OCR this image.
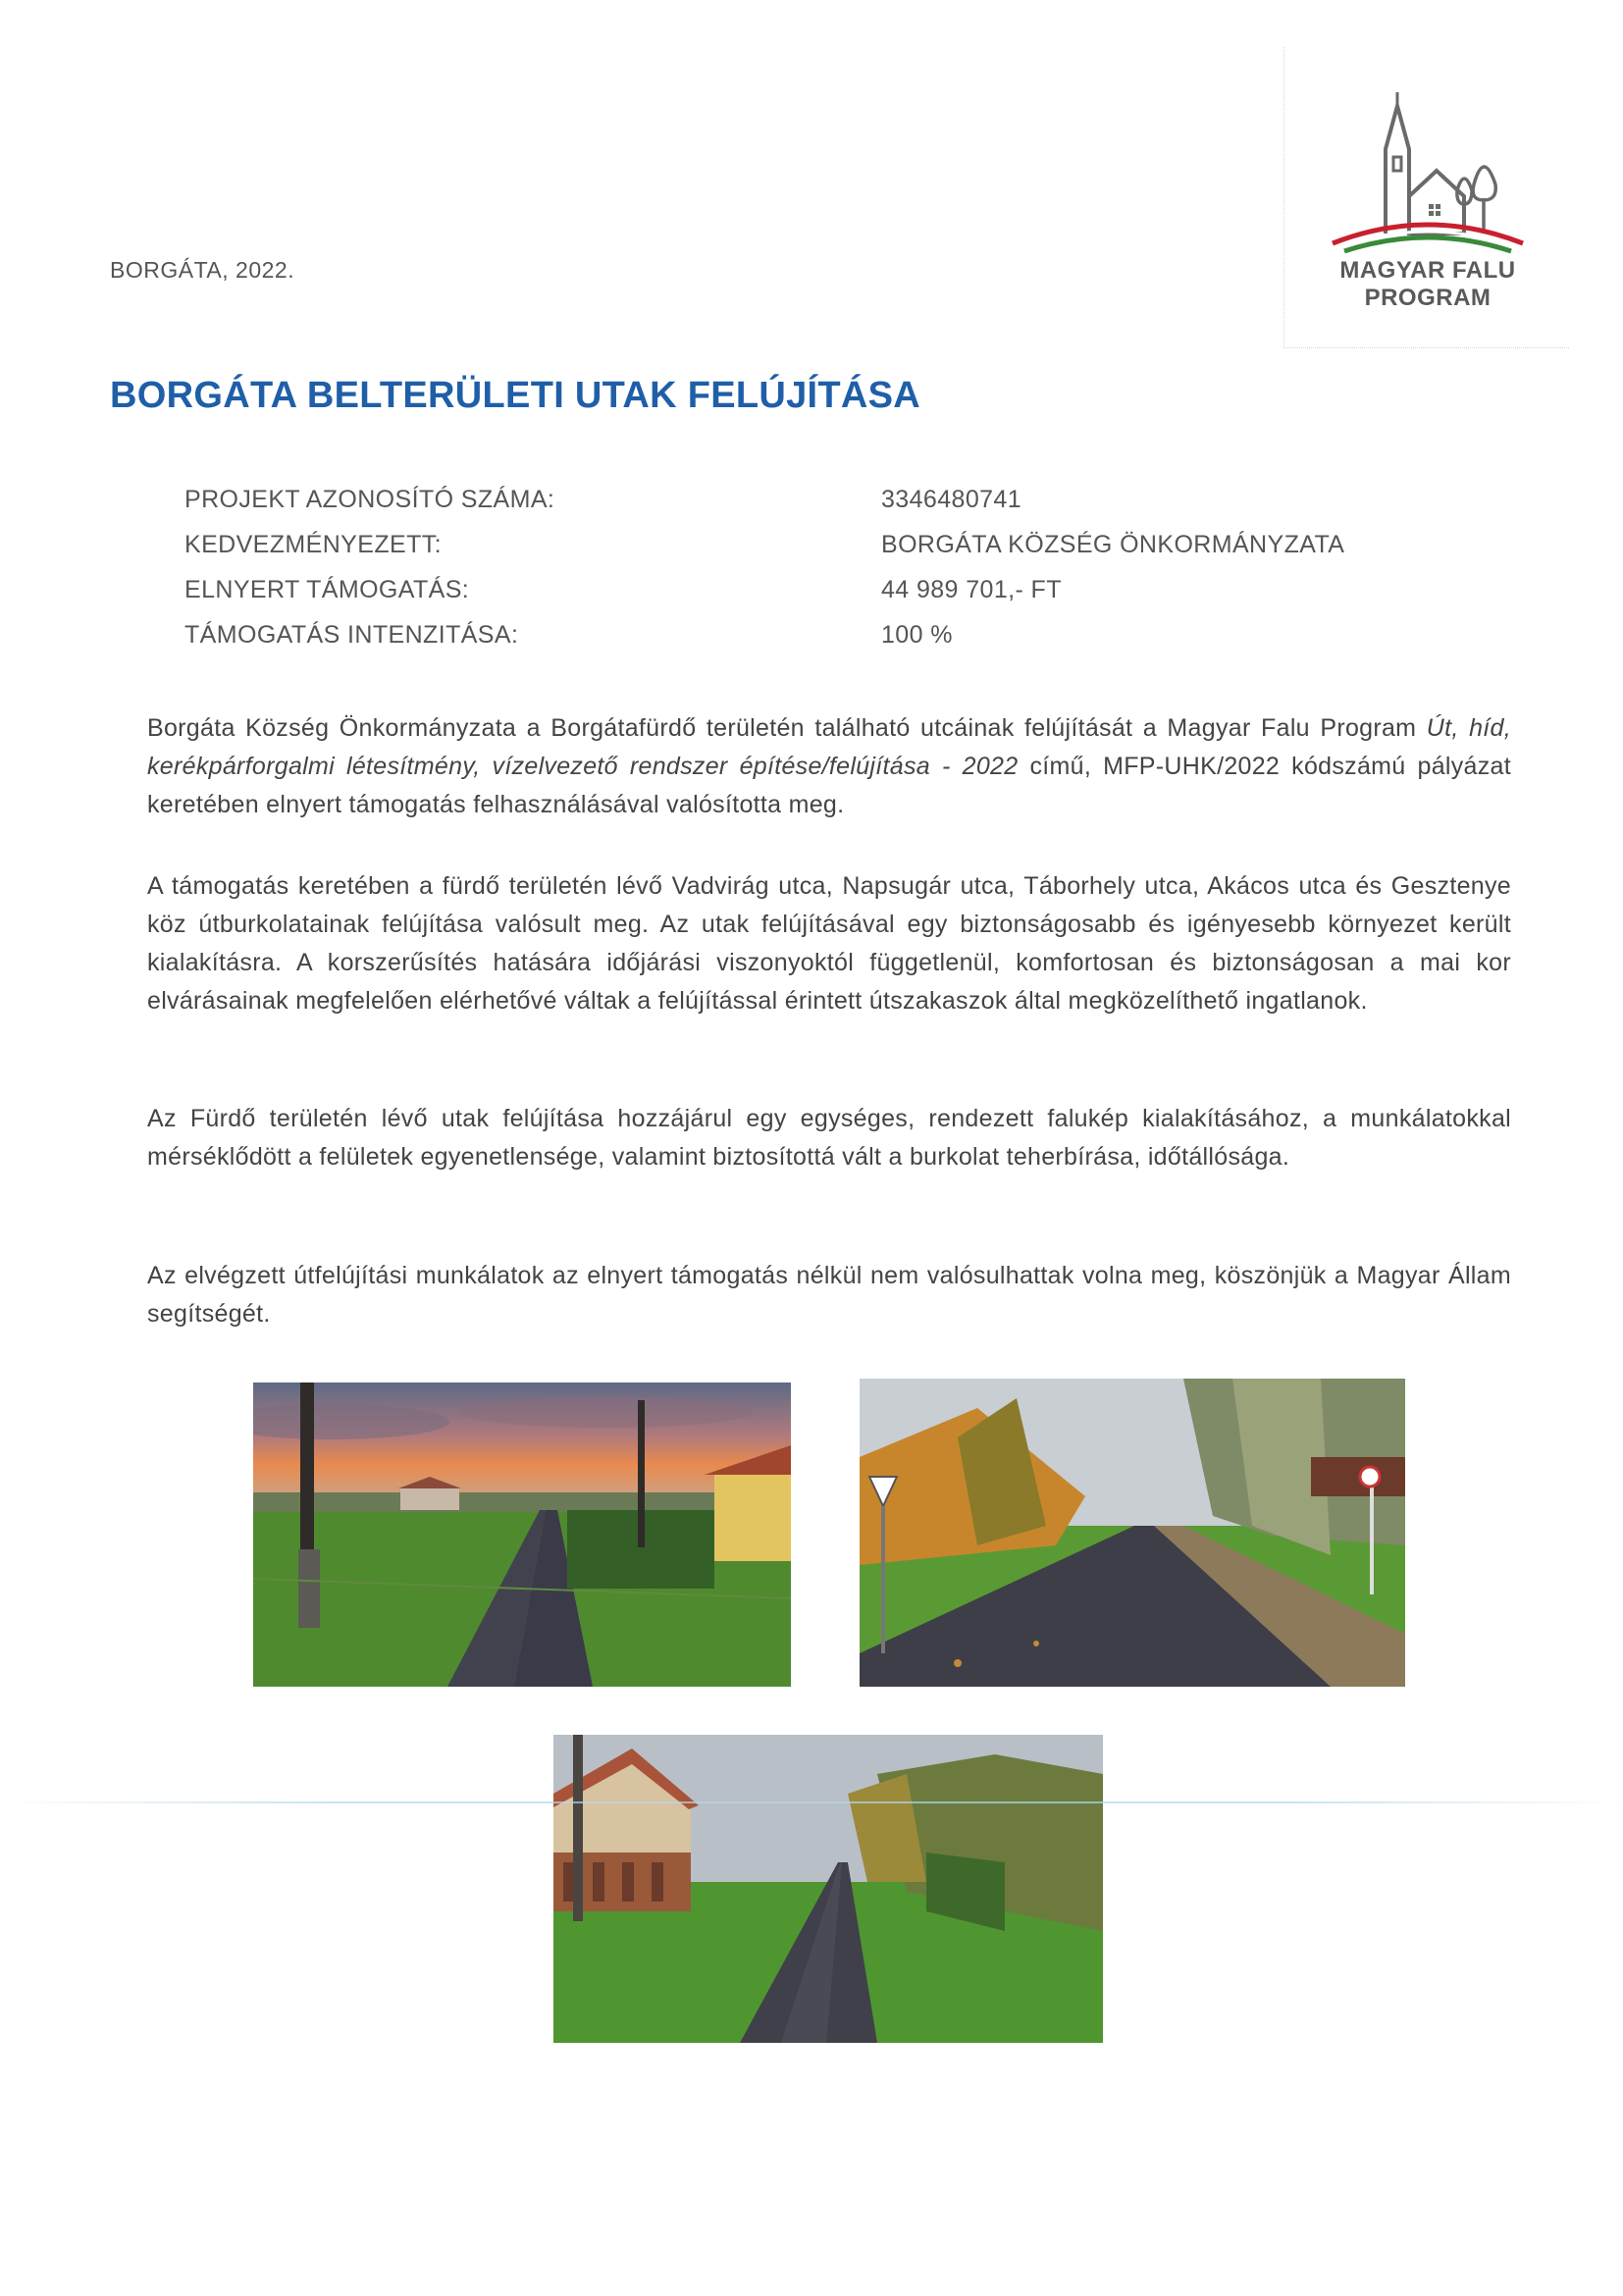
BORGÁTA, 2022.	MAGYAR FALU
PROGRAM
BORGÁTA BELTERÜLETI UTAK FELÚJÍTÁSA
PROJEKT AZONOSÍTÓ SZÁMA:	3346480741
KEDVEZMÉNYEZETT:	BORGÁTA KÖZSÉG ÖNKORMÁNYZATA
ELNYERT TÁMOGATÁS:	44 989 701,- FT
TÁMOGATÁS INTENZITÁSA:	100 %
Borgáta Község Önkormányzata a Borgátafürdő területén található utcáinak felújítását a Magyar Falu Program Út, híd, kerékpárforgalmi létesítmény, vízelvezető rendszer építése/felújítása - 2022 című, MFP-UHK/2022 kódszámú pályázat keretében elnyert támogatás felhasználásával valósította meg.
A támogatás keretében a fürdő területén lévő Vadvirág utca, Napsugár utca, Táborhely utca, Akácos utca és Gesztenye köz útburkolatainak felújítása valósult meg. Az utak felújításával egy biztonságosabb és igényesebb környezet került kialakításra. A korszerűsítés hatására időjárási viszonyoktól függetlenül, komfortosan és biztonságosan a mai kor elvárásainak megfelelően elérhetővé váltak a felújítással érintett útszakaszok által megközelíthető ingatlanok.
Az Fürdő területén lévő utak felújítása hozzájárul egy egységes, rendezett falukép kialakításához, a munkálatokkal mérséklődött a felületek egyenetlensége, valamint biztosítottá vált a burkolat teherbírása, időtállósága.
Az elvégzett útfelújítási munkálatok az elnyert támogatás nélkül nem valósulhattak volna meg, köszönjük a Magyar Állam segítségét.
